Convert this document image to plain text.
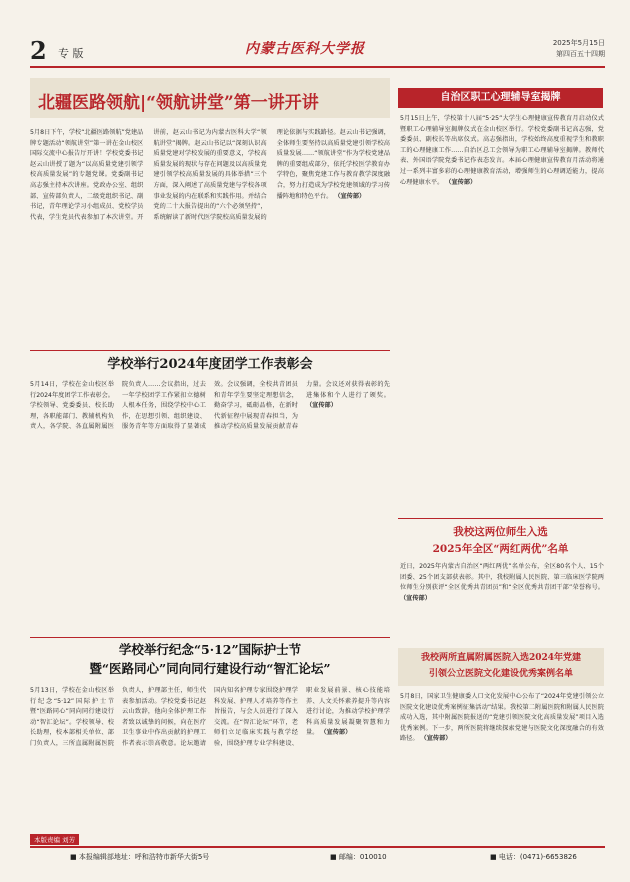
2 专 版	内蒙古医科大学报	2025年5月15日
第四百五十四期
北疆医路领航|“领航讲堂”第一讲开讲
5月8日下午，学校“北疆医路领航”党建品牌专题活动“领航讲堂”第一讲在金山校区国际交流中心报告厅开讲！学校党委书记赵云山讲授了题为“以高质量党建引领学校高质量发展”的专题党课。党委副书记高志强主持本次讲座。党政办公室、组织部、宣传部负责人，二级党组织书记、副书记，青年理论学习小组成员、党校学员代表，学生党员代表参加了本次讲堂。开讲前，赵云山书记为内蒙古医科大学“领航讲堂”揭牌。赵云山书记以“深刻认识高质量党建对学校发展的重要意义，学校高质量发展的现状与存在问题及以高质量党建引领学校高质量发展的具体举措”三个方面，深入阐述了高质量党建与学校各项事业发展的内在联系和实践作用。并结合党的二十大报告提出的“六个必须坚持”，系统解读了新时代医学院校高质量发展的理论依据与实践路径。赵云山书记强调，全体师生要坚持以高质量党建引领学校高质量发展……“领航讲堂”作为学校党建品牌的重要组成部分，依托学校医学教育办学特色，聚焦党建工作与教育教学深度融合，努力打造成为学校党建领域的学习传播阵地和特色平台。 （宣传部）
自治区职工心理辅导室揭牌
5月15日上午，学校第十八届“5·25”大学生心理健康宣传教育月启动仪式暨职工心理辅导室揭牌仪式在金山校区举行。学校党委副书记高志强，党委委员、副校长等出席仪式。高志强指出，学校始终高度重视学生和教职工的心理健康工作……自治区总工会领导为职工心理辅导室揭牌。教师代表、外国语学院党委书记作表态发言。本届心理健康宣传教育月活动将通过一系列丰富多彩的心理健康教育活动，增强师生的心理调适能力，提高心理健康水平。 （宣传部）
学校举行2024年度团学工作表彰会
5月14日，学校在金山校区举行2024年度团学工作表彰会。学校领导、党委委员、校长助理，各职能部门、教辅机构负责人，各学院、各直属附属医院负责人……会议指出，过去一年学校团学工作紧扣立德树人根本任务，围绕学校中心工作，在思想引领、组织建设、服务青年等方面取得了显著成效。会议强调，全校共青团员和青年学生要坚定理想信念，勤奋学习，砥砺品格，在新时代新征程中展现青春担当，为推动学校高质量发展贡献青春力量。会议还对获得表彰的先进集体和个人进行了颁奖。 （宣传部）
我校这两位师生入选
2025年全区“两红两优”名单
近日，2025年内蒙古自治区“两红两优”名单公布，全区80名个人、15个团委、25个团支部获表彰。其中，我校附属人民医院、第三临床医学院两位师生分别获评“全区优秀共青团员”和“全区优秀共青团干部”荣誉称号。 （宣传部）
学校举行纪念“5·12”国际护士节
暨“医路同心”同向同行建设行动“智汇论坛”
5月13日，学校在金山校区举行纪念“5·12”国际护士节暨“医路同心”同向同行建设行动“智汇论坛”。学校领导、校长助理，校本部相关单位、部门负责人，三所直属附属医院负责人，护理部主任，师生代表参加活动。学校党委书记赵云山致辞，他向全体护理工作者致以诚挚的问候，向在医疗卫生事业中作出贡献的护理工作者表示崇高敬意。论坛邀请国内知名护理专家围绕护理学科发展、护理人才培养等作主旨报告，与会人员进行了深入交流。在“智汇论坛”环节，老师们立足临床实践与教学经验，围绕护理专业学科建设、职业发展前景、核心技能培养、人文关怀素养提升等内容进行讨论，为推动学校护理学科高质量发展凝聚智慧和力量。 （宣传部）
我校两所直属附属医院入选2024年党建
引领公立医院文化建设优秀案例名单
5月8日，国家卫生健康委人口文化发展中心公布了“2024年党建引领公立医院文化建设优秀案例征集活动”结果。我校第二附属医院和附属人民医院成功入选，其中附属医院报送的“党建引领医院文化高质量发展”项目入选优秀案例。下一步，两所医院将继续探索党建与医院文化深度融合的有效路径。 （宣传部）
本版责编 刘芳
■ 本报编辑部地址：呼和浩特市新华大街5号	■ 邮编：010010	■ 电话：(0471)-6653826
